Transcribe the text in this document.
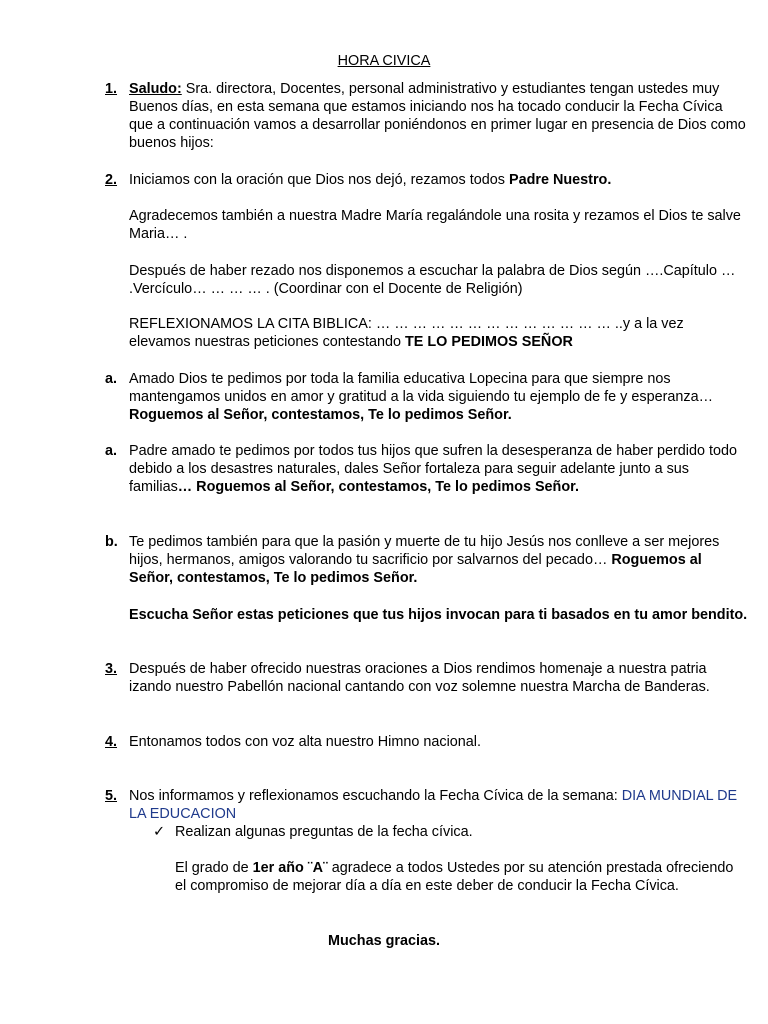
HORA CIVICA
1. Saludo: Sra. directora, Docentes, personal administrativo y estudiantes tengan ustedes muy Buenos días, en esta semana que estamos iniciando nos ha tocado conducir la Fecha Cívica que a continuación vamos a desarrollar poniéndonos en primer lugar en presencia de Dios como buenos hijos:
2. Iniciamos con la oración que Dios nos dejó, rezamos todos Padre Nuestro.
Agradecemos también a nuestra Madre María regalándole una rosita y rezamos el Dios te salve Maria… .
Después de haber rezado nos disponemos a escuchar la palabra de Dios según ….Capítulo … .Vercículo… … … … . (Coordinar con el Docente de Religión)
REFLEXIONAMOS LA CITA BIBLICA: … … … … … … … … … … … … … ..y a la vez elevamos nuestras peticiones contestando TE LO PEDIMOS SEÑOR
a. Amado Dios te pedimos por toda la familia educativa Lopecina para que siempre nos mantengamos unidos en amor y gratitud a la vida siguiendo tu ejemplo de fe y esperanza…Roguemos al Señor, contestamos, Te lo pedimos Señor.
a. Padre amado te pedimos por todos tus hijos que sufren la desesperanza de haber perdido todo debido a los desastres naturales, dales Señor fortaleza para seguir adelante junto a sus familias… Roguemos al Señor, contestamos, Te lo pedimos Señor.
b. Te pedimos también para que la pasión y muerte de tu hijo Jesús nos conlleve a ser mejores hijos, hermanos, amigos valorando tu sacrificio por salvarnos del pecado… Roguemos al Señor, contestamos, Te lo pedimos Señor.
Escucha Señor estas peticiones que tus hijos invocan para ti basados en tu amor bendito.
3. Después de haber ofrecido nuestras oraciones a Dios rendimos homenaje a nuestra patria izando nuestro Pabellón nacional cantando con voz solemne nuestra Marcha de Banderas.
4. Entonamos todos con voz alta nuestro Himno nacional.
5. Nos informamos y reflexionamos escuchando la Fecha Cívica de la semana: DIA MUNDIAL DE LA EDUCACION
✓ Realizan algunas preguntas de la fecha cívica.
El grado de 1er año ¨A¨ agradece a todos Ustedes por su atención prestada ofreciendo el compromiso de mejorar día a día en este deber de conducir la Fecha Cívica.
Muchas gracias.
